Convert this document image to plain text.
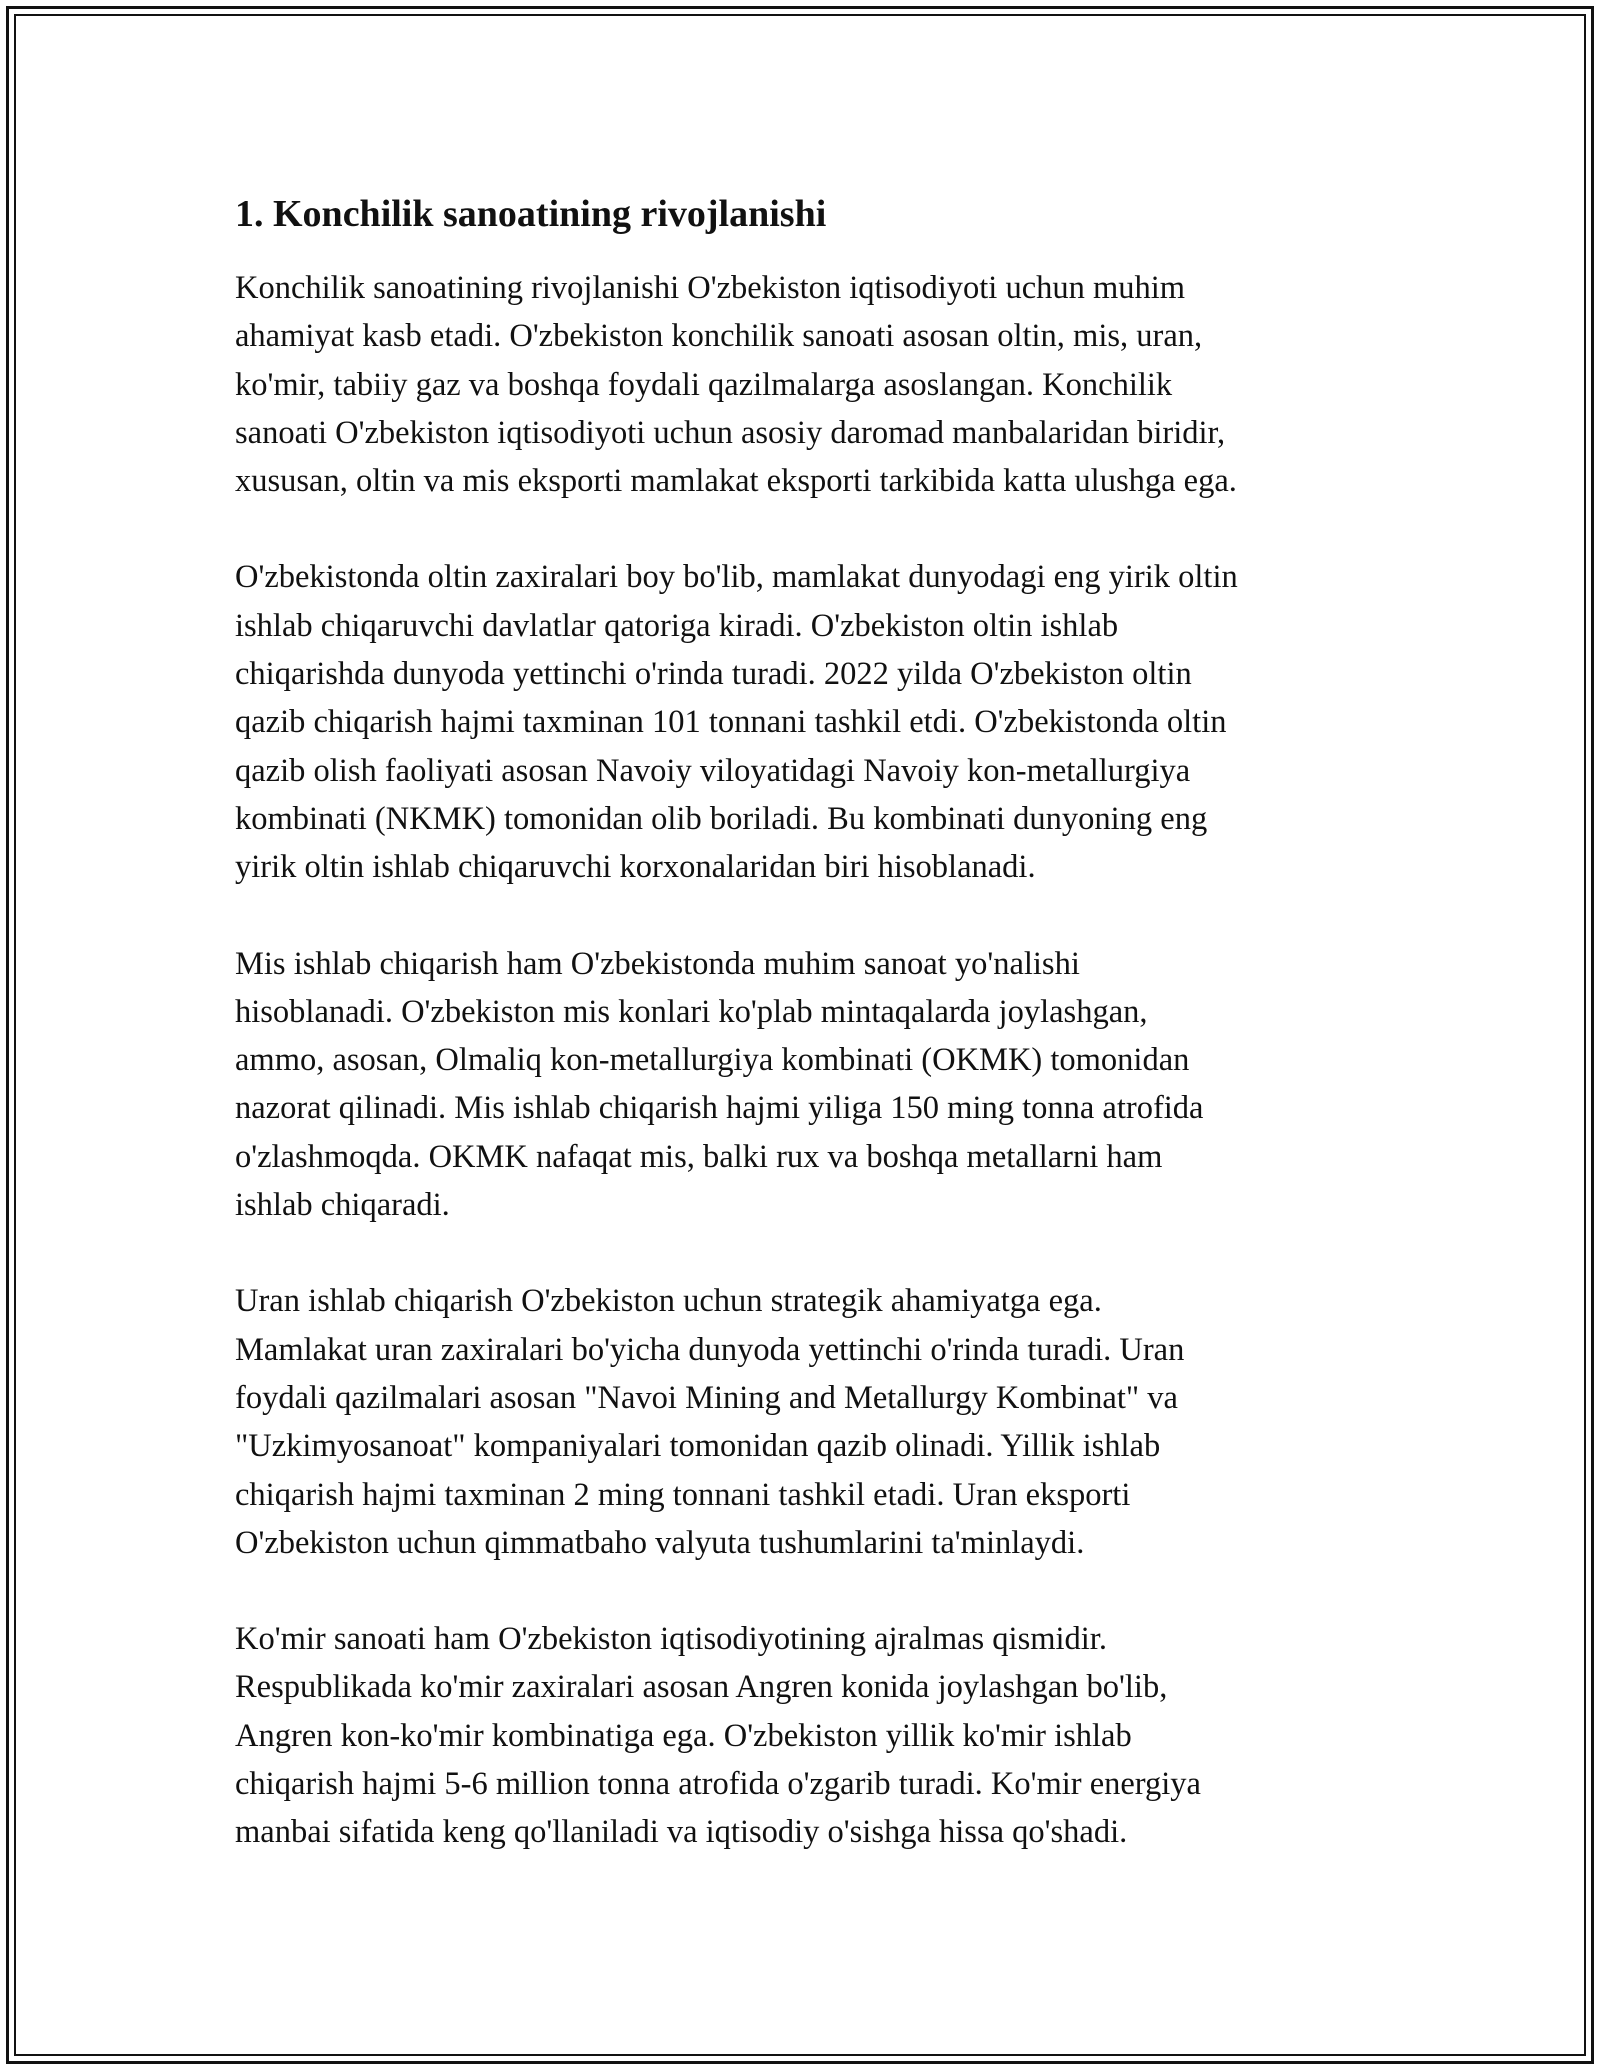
1. Konchilik sanoatining rivojlanishi

Konchilik sanoatining rivojlanishi O'zbekiston iqtisodiyoti uchun muhim
ahamiyat kasb etadi. O'zbekiston konchilik sanoati asosan oltin, mis, uran,
ko'mir, tabiiy gaz va boshqa foydali qazilmalarga asoslangan. Konchilik
sanoati O'zbekiston iqtisodiyoti uchun asosiy daromad manbalaridan biridir,
xususan, oltin va mis eksporti mamlakat eksporti tarkibida katta ulushga ega.

O'zbekistonda oltin zaxiralari boy bo'lib, mamlakat dunyodagi eng yirik oltin
ishlab chiqaruvchi davlatlar qatoriga kiradi. O'zbekiston oltin ishlab
chiqarishda dunyoda yettinchi o'rinda turadi. 2022 yilda O'zbekiston oltin
qazib chiqarish hajmi taxminan 101 tonnani tashkil etdi. O'zbekistonda oltin
qazib olish faoliyati asosan Navoiy viloyatidagi Navoiy kon-metallurgiya
kombinati (NKMK) tomonidan olib boriladi. Bu kombinati dunyoning eng
yirik oltin ishlab chiqaruvchi korxonalaridan biri hisoblanadi.

Mis ishlab chiqarish ham O'zbekistonda muhim sanoat yo'nalishi
hisoblanadi. O'zbekiston mis konlari ko'plab mintaqalarda joylashgan,
ammo, asosan, Olmaliq kon-metallurgiya kombinati (OKMK) tomonidan
nazorat qilinadi. Mis ishlab chiqarish hajmi yiliga 150 ming tonna atrofida
o'zlashmoqda. OKMK nafaqat mis, balki rux va boshqa metallarni ham
ishlab chiqaradi.

Uran ishlab chiqarish O'zbekiston uchun strategik ahamiyatga ega.
Mamlakat uran zaxiralari bo'yicha dunyoda yettinchi o'rinda turadi. Uran
foydali qazilmalari asosan "Navoi Mining and Metallurgy Kombinat" va
"Uzkimyosanoat" kompaniyalari tomonidan qazib olinadi. Yillik ishlab
chiqarish hajmi taxminan 2 ming tonnani tashkil etadi. Uran eksporti
O'zbekiston uchun qimmatbaho valyuta tushumlarini ta'minlaydi.

Ko'mir sanoati ham O'zbekiston iqtisodiyotining ajralmas qismidir.
Respublikada ko'mir zaxiralari asosan Angren konida joylashgan bo'lib,
Angren kon-ko'mir kombinatiga ega. O'zbekiston yillik ko'mir ishlab
chiqarish hajmi 5-6 million tonna atrofida o'zgarib turadi. Ko'mir energiya
manbai sifatida keng qo'llaniladi va iqtisodiy o'sishga hissa qo'shadi.
